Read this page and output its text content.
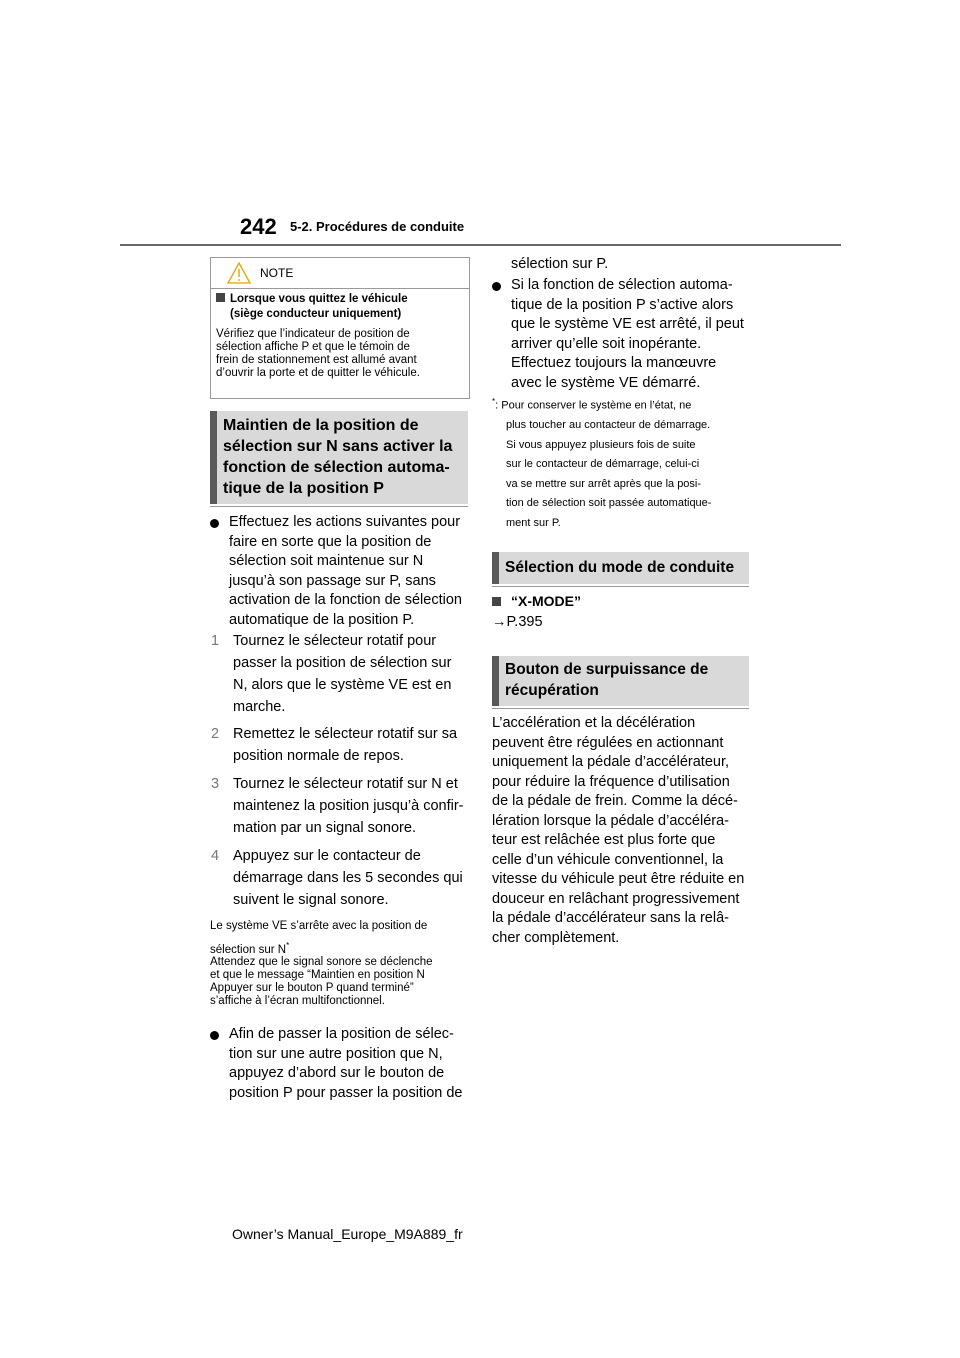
242 5-2. Procédures de conduite
NOTE
Lorsque vous quittez le véhicule
(siège conducteur uniquement)
Vérifiez que l’indicateur de position de
sélection affiche P et que le témoin de
frein de stationnement est allumé avant
d’ouvrir la porte et de quitter le véhicule.
Maintien de la position de
sélection sur N sans activer la
fonction de sélection automa-
tique de la position P
Effectuez les actions suivantes pour
faire en sorte que la position de
sélection soit maintenue sur N
jusqu’à son passage sur P, sans
activation de la fonction de sélection
automatique de la position P.
1 Tournez le sélecteur rotatif pour
passer la position de sélection sur
N, alors que le système VE est en
marche.
2 Remettez le sélecteur rotatif sur sa
position normale de repos.
3 Tournez le sélecteur rotatif sur N et
maintenez la position jusqu’à confir-
mation par un signal sonore.
4 Appuyez sur le contacteur de
démarrage dans les 5 secondes qui
suivent le signal sonore.
Le système VE s’arrête avec la position de
sélection sur N*
Attendez que le signal sonore se déclenche
et que le message “Maintien en position N
Appuyer sur le bouton P quand terminé”
s’affiche à l’écran multifonctionnel.
Afin de passer la position de sélec-
tion sur une autre position que N,
appuyez d’abord sur le bouton de
position P pour passer la position de
sélection sur P.
Si la fonction de sélection automa-
tique de la position P s’active alors
que le système VE est arrêté, il peut
arriver qu’elle soit inopérante.
Effectuez toujours la manœuvre
avec le système VE démarré.
*: Pour conserver le système en l’état, ne
plus toucher au contacteur de démarrage.
Si vous appuyez plusieurs fois de suite
sur le contacteur de démarrage, celui-ci
va se mettre sur arrêt après que la posi-
tion de sélection soit passée automatique-
ment sur P.
Sélection du mode de conduite
“X-MODE”
→P.395
Bouton de surpuissance de
récupération
L’accélération et la décélération
peuvent être régulées en actionnant
uniquement la pédale d’accélérateur,
pour réduire la fréquence d’utilisation
de la pédale de frein. Comme la décé-
lération lorsque la pédale d’accéléra-
teur est relâchée est plus forte que
celle d’un véhicule conventionnel, la
vitesse du véhicule peut être réduite en
douceur en relâchant progressivement
la pédale d’accélérateur sans la relâ-
cher complètement.
Owner’s Manual_Europe_M9A889_fr
